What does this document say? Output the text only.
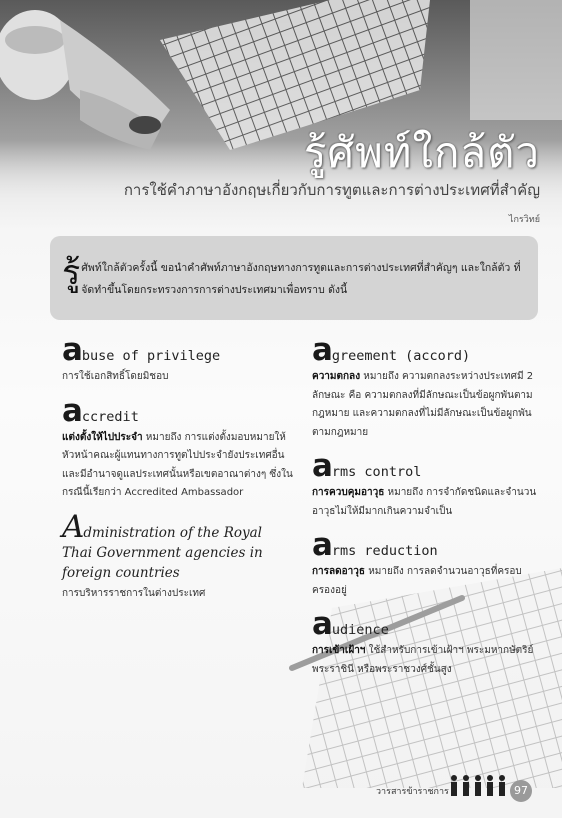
รู้ศัพท์ใกล้ตัว
การใช้คำภาษาอังกฤษเกี่ยวกับการทูตและการต่างประเทศที่สำคัญ
ไกรวิทย์
รู้ ศัพท์ใกล้ตัวครั้งนี้ ขอนำคำศัพท์ภาษาอังกฤษทางการทูตและการต่างประเทศที่สำคัญๆ และใกล้ตัว ที่จัดทำขึ้นโดยกระทรวงการการต่างประเทศมาเพื่อทราบ ดังนี้
abuse of privilege
การใช้เอกสิทธิ์โดยมิชอบ
accredit
แต่งตั้งให้ไปประจำ หมายถึง การแต่งตั้งมอบหมายให้หัวหน้าคณะผู้แทนทางการทูตไปประจำยังประเทศอื่น และมีอำนาจดูแลประเทศนั้นหรือเขตอาณาต่างๆ ซึ่งในกรณีนี้เรียกว่า Accredited Ambassador
Administration of the Royal Thai Government agencies in foreign countries
การบริหารราชการในต่างประเทศ
agreement (accord)
ความตกลง หมายถึง ความตกลงระหว่างประเทศมี 2 ลักษณะ คือ ความตกลงที่มีลักษณะเป็นข้อผูกพันตามกฎหมาย และความตกลงที่ไม่มีลักษณะเป็นข้อผูกพันตามกฎหมาย
arms control
การควบคุมอาวุธ หมายถึง การจำกัดชนิดและจำนวนอาวุธไม่ให้มีมากเกินความจำเป็น
arms reduction
การลดอาวุธ หมายถึง การลดจำนวนอาวุธที่ครอบครองอยู่
audience
การเข้าเฝ้าฯ ใช้สำหรับการเข้าเฝ้าฯ พระมหากษัตริย์ พระราชินี หรือพระราชวงศ์ชั้นสูง
วารสารข้าราชการ	97
